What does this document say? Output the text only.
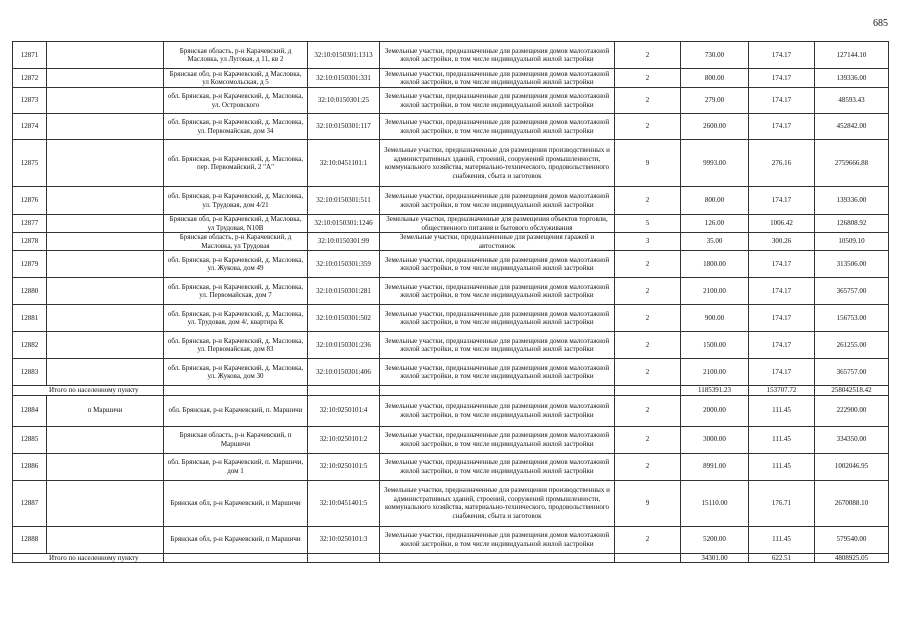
685
12871		Брянская область, р-н Карачевский, д Масловка, ул Луговая, д 11, кв 2	32:10:0150301:1313	Земельные участки, предназначенные для размещения домов малоэтажной жилой застройки, в том числе индивидуальной жилой застройки	2	730.00	174.17	127144.10
12872		Брянская обл, р-н Карачевский, д Масловка, ул Комсомольская, д 5	32:10:0150301:331	Земельные участки, предназначенные для размещения домов малоэтажной жилой застройки, в том числе индивидуальной жилой застройки	2	800.00	174.17	139336.00
12873		обл. Брянская, р-н Карачевский, д. Масловка, ул. Островского	32:10:0150301:25	Земельные участки, предназначенные для размещения домов малоэтажной жилой застройки, в том числе индивидуальной жилой застройки	2	279.00	174.17	48593.43
12874		обл. Брянская, р-н Карачевский, д. Масловка, ул. Первомайская, дом 34	32:10:0150301:117	Земельные участки, предназначенные для размещения домов малоэтажной жилой застройки, в том числе индивидуальной жилой застройки	2	2600.00	174.17	452842.00
12875		обл. Брянская, р-н Карачевский, д. Масловка, пер. Первомайский, 2 "А"	32:10:0451101:1	Земельные участки, предназначенные для размещения производственных и административных зданий, строений, сооружений промышленности, коммунального хозяйства, материально-технического, продовольственного снабжения, сбыта и заготовок	9	9993.00	276.16	2759666.88
12876		обл. Брянская, р-н Карачевский, д. Масловка, ул. Трудовая, дом 4/21	32:10:0150301:511	Земельные участки, предназначенные для размещения домов малоэтажной жилой застройки, в том числе индивидуальной жилой застройки	2	800.00	174.17	139336.00
12877		Брянская обл, р-н Карачевский, д Масловка, ул Трудовая, N10В	32:10:0150301:1246	Земельные участки, предназначенные для размещения объектов торговли, общественного питания и бытового обслуживания	5	126.00	1006.42	126808.92
12878		Брянская область, р-н Карачевский, д Масловка, ул Трудовая	32:10:0150301:99	Земельные участки, предназначенные для размещения гаражей и автостоянок	3	35.00	300.26	10509.10
12879		обл. Брянская, р-н Карачевский, д. Масловка, ул. Жукова, дом 49	32:10:0150301:359	Земельные участки, предназначенные для размещения домов малоэтажной жилой застройки, в том числе индивидуальной жилой застройки	2	1800.00	174.17	313506.00
12880		обл. Брянская, р-н Карачевский, д. Масловка, ул. Первомайская, дом 7	32:10:0150301:281	Земельные участки, предназначенные для размещения домов малоэтажной жилой застройки, в том числе индивидуальной жилой застройки	2	2100.00	174.17	365757.00
12881		обл. Брянская, р-н Карачевский, д. Масловка, ул. Трудовая, дом 4/, квартира К	32:10:0150301:502	Земельные участки, предназначенные для размещения домов малоэтажной жилой застройки, в том числе индивидуальной жилой застройки	2	900.00	174.17	156753.00
12882		обл. Брянская, р-н Карачевский, д. Масловка, ул. Первомайская, дом 83	32:10:0150301:236	Земельные участки, предназначенные для размещения домов малоэтажной жилой застройки, в том числе индивидуальной жилой застройки	2	1500.00	174.17	261255.00
12883		обл. Брянская, р-н Карачевский, д. Масловка, ул. Жукова, дом 30	32:10:0150301:406	Земельные участки, предназначенные для размещения домов малоэтажной жилой застройки, в том числе индивидуальной жилой застройки	2	2100.00	174.17	365757.00
Итого по населенному пункту						1185391.23	153707.72	258042518.42
12884	п Маршичи	обл. Брянская, р-н Карачевский, п. Маршичи	32:10:0250101:4	Земельные участки, предназначенные для размещения домов малоэтажной жилой застройки, в том числе индивидуальной жилой застройки	2	2000.00	111.45	222900.00
12885		Брянская область, р-н Карачевский, п Маршичи	32:10:0250101:2	Земельные участки, предназначенные для размещения домов малоэтажной жилой застройки, в том числе индивидуальной жилой застройки	2	3000.00	111.45	334350.00
12886		обл. Брянская, р-н Карачевский, п. Маршичи, дом 1	32:10:0250101:5	Земельные участки, предназначенные для размещения домов малоэтажной жилой застройки, в том числе индивидуальной жилой застройки	2	8991.00	111.45	1002046.95
12887		Брянская обл, р-н Карачевский, п Маршичи	32:10:0451401:5	Земельные участки, предназначенные для размещения производственных и административных зданий, строений, сооружений промышленности, коммунального хозяйства, материально-технического, продовольственного снабжения, сбыта и заготовок	9	15110.00	176.71	2670088.10
12888		Брянская обл, р-н Карачевский, п Маршичи	32:10:0250101:3	Земельные участки, предназначенные для размещения домов малоэтажной жилой застройки, в том числе индивидуальной жилой застройки	2	5200.00	111.45	579540.00
Итого по населенному пункту						34301.00	622.51	4808925.05
